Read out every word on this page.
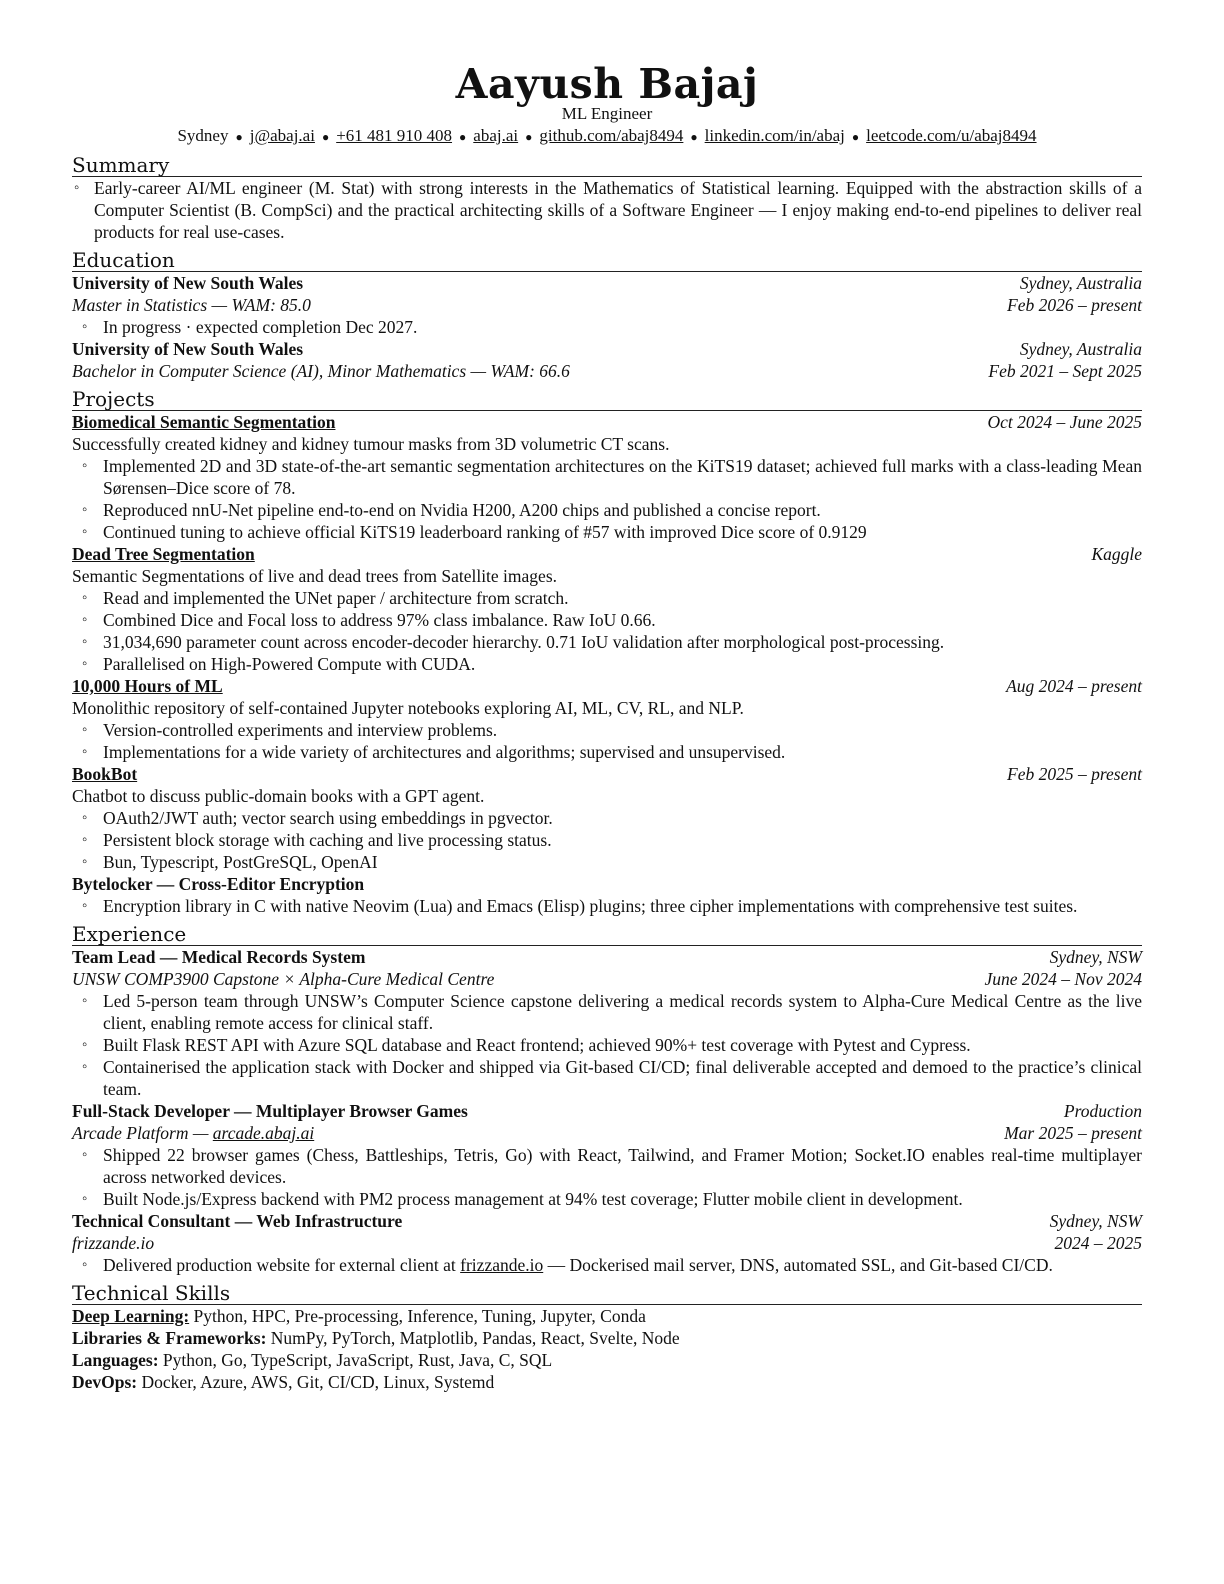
Aayush Bajaj
ML Engineer
Sydney ● j@abaj.ai ● +61 481 910 408 ● abaj.ai ● github.com/abaj8494 ● linkedin.com/in/abaj ● leetcode.com/u/abaj8494
Summary
◦ Early-career AI/ML engineer (M. Stat) with strong interests in the Mathematics of Statistical learning. Equipped with the abstraction skills of a Computer Scientist (B. CompSci) and the practical architecting skills of a Software Engineer — I enjoy making end-to-end pipelines to deliver real products for real use-cases.
Education
University of New South Wales	Sydney, Australia
Master in Statistics — WAM: 85.0	Feb 2026 – present
◦ In progress · expected completion Dec 2027.
University of New South Wales	Sydney, Australia
Bachelor in Computer Science (AI), Minor Mathematics — WAM: 66.6	Feb 2021 – Sept 2025
Projects
Biomedical Semantic Segmentation	Oct 2024 – June 2025
Successfully created kidney and kidney tumour masks from 3D volumetric CT scans.
◦ Implemented 2D and 3D state-of-the-art semantic segmentation architectures on the KiTS19 dataset; achieved full marks with a class-leading Mean Sørensen–Dice score of 78.
◦ Reproduced nnU-Net pipeline end-to-end on Nvidia H200, A200 chips and published a concise report.
◦ Continued tuning to achieve official KiTS19 leaderboard ranking of #57 with improved Dice score of 0.9129
Dead Tree Segmentation	Kaggle
Semantic Segmentations of live and dead trees from Satellite images.
◦ Read and implemented the UNet paper / architecture from scratch.
◦ Combined Dice and Focal loss to address 97% class imbalance. Raw IoU 0.66.
◦ 31,034,690 parameter count across encoder-decoder hierarchy. 0.71 IoU validation after morphological post-processing.
◦ Parallelised on High-Powered Compute with CUDA.
10,000 Hours of ML	Aug 2024 – present
Monolithic repository of self-contained Jupyter notebooks exploring AI, ML, CV, RL, and NLP.
◦ Version-controlled experiments and interview problems.
◦ Implementations for a wide variety of architectures and algorithms; supervised and unsupervised.
BookBot	Feb 2025 – present
Chatbot to discuss public-domain books with a GPT agent.
◦ OAuth2/JWT auth; vector search using embeddings in pgvector.
◦ Persistent block storage with caching and live processing status.
◦ Bun, Typescript, PostGreSQL, OpenAI
Bytelocker — Cross-Editor Encryption
◦ Encryption library in C with native Neovim (Lua) and Emacs (Elisp) plugins; three cipher implementations with comprehensive test suites.
Experience
Team Lead — Medical Records System	Sydney, NSW
UNSW COMP3900 Capstone × Alpha-Cure Medical Centre	June 2024 – Nov 2024
◦ Led 5-person team through UNSW’s Computer Science capstone delivering a medical records system to Alpha-Cure Medical Centre as the live client, enabling remote access for clinical staff.
◦ Built Flask REST API with Azure SQL database and React frontend; achieved 90%+ test coverage with Pytest and Cypress.
◦ Containerised the application stack with Docker and shipped via Git-based CI/CD; final deliverable accepted and demoed to the practice’s clinical team.
Full-Stack Developer — Multiplayer Browser Games	Production
Arcade Platform — arcade.abaj.ai	Mar 2025 – present
◦ Shipped 22 browser games (Chess, Battleships, Tetris, Go) with React, Tailwind, and Framer Motion; Socket.IO enables real-time multiplayer across networked devices.
◦ Built Node.js/Express backend with PM2 process management at 94% test coverage; Flutter mobile client in development.
Technical Consultant — Web Infrastructure	Sydney, NSW
frizzande.io	2024 – 2025
◦ Delivered production website for external client at frizzande.io — Dockerised mail server, DNS, automated SSL, and Git-based CI/CD.
Technical Skills
Deep Learning: Python, HPC, Pre-processing, Inference, Tuning, Jupyter, Conda
Libraries & Frameworks: NumPy, PyTorch, Matplotlib, Pandas, React, Svelte, Node
Languages: Python, Go, TypeScript, JavaScript, Rust, Java, C, SQL
DevOps: Docker, Azure, AWS, Git, CI/CD, Linux, Systemd
